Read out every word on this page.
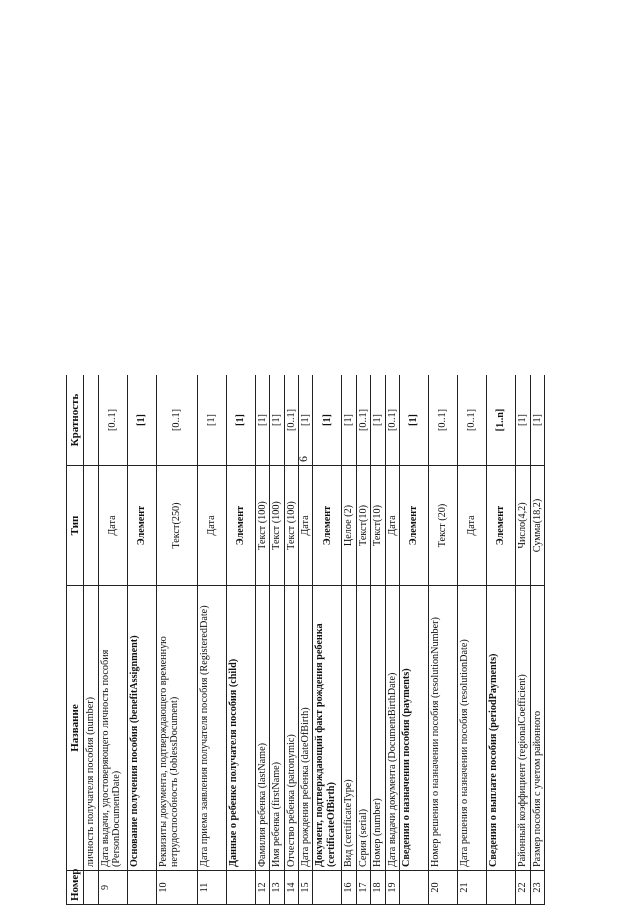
Номер	Название	Тип	Кратность
	личность получателя пособия (number)		
9	Дата выдачи, удостоверяющего личность пособия (PersonDocumentDate)	Дата	[0..1]
	Основание получения пособия (benefitAssignment)	Элемент	[1]
10	Реквизиты документа, подтверждающего временную нетрудоспособность (JoblessDocument)	Текст(250)	[0..1]
11	Дата приема заявления получателя пособия (RegisteredDate)	Дата	[1]
	Данные о ребенке получателя пособия (child)	Элемент	[1]
12	Фамилия ребенка (lastName)	Текст (100)	[1]
13	Имя ребенка (firstName)	Текст (100)	[1]
14	Отчество ребенка (patronymic)	Текст (100)	[0..1]
15	Дата рождения ребенка (dateOfBirth)	Дата	[1]
	Документ, подтверждающий факт рождения ребенка (certificateOfBirth)	Элемент	[1]
16	Вид (certificateType)	Целое (2)	[1]
17	Серия (serial)	Текст(10)	[0..1]
18	Номер (number)	Текст(10)	[1]
19	Дата выдачи документа (DocumentBirthDate)	Дата	[0..1]
	Сведения о назначении пособия (payments)	Элемент	[1]
20	Номер решения о назначении пособия (resolutionNumber)	Текст (20)	[0..1]
21	Дата решения о назначении пособия (resolutionDate)	Дата	[0..1]
	Сведения о выплате пособия (periodPayments)	Элемент	[1..n]
22	Районный коэффициент (regionalCoefficient)	Число(4,2)	[1]
23	Размер пособия с учетом районного	Сумма(18,2)	[1]
6
